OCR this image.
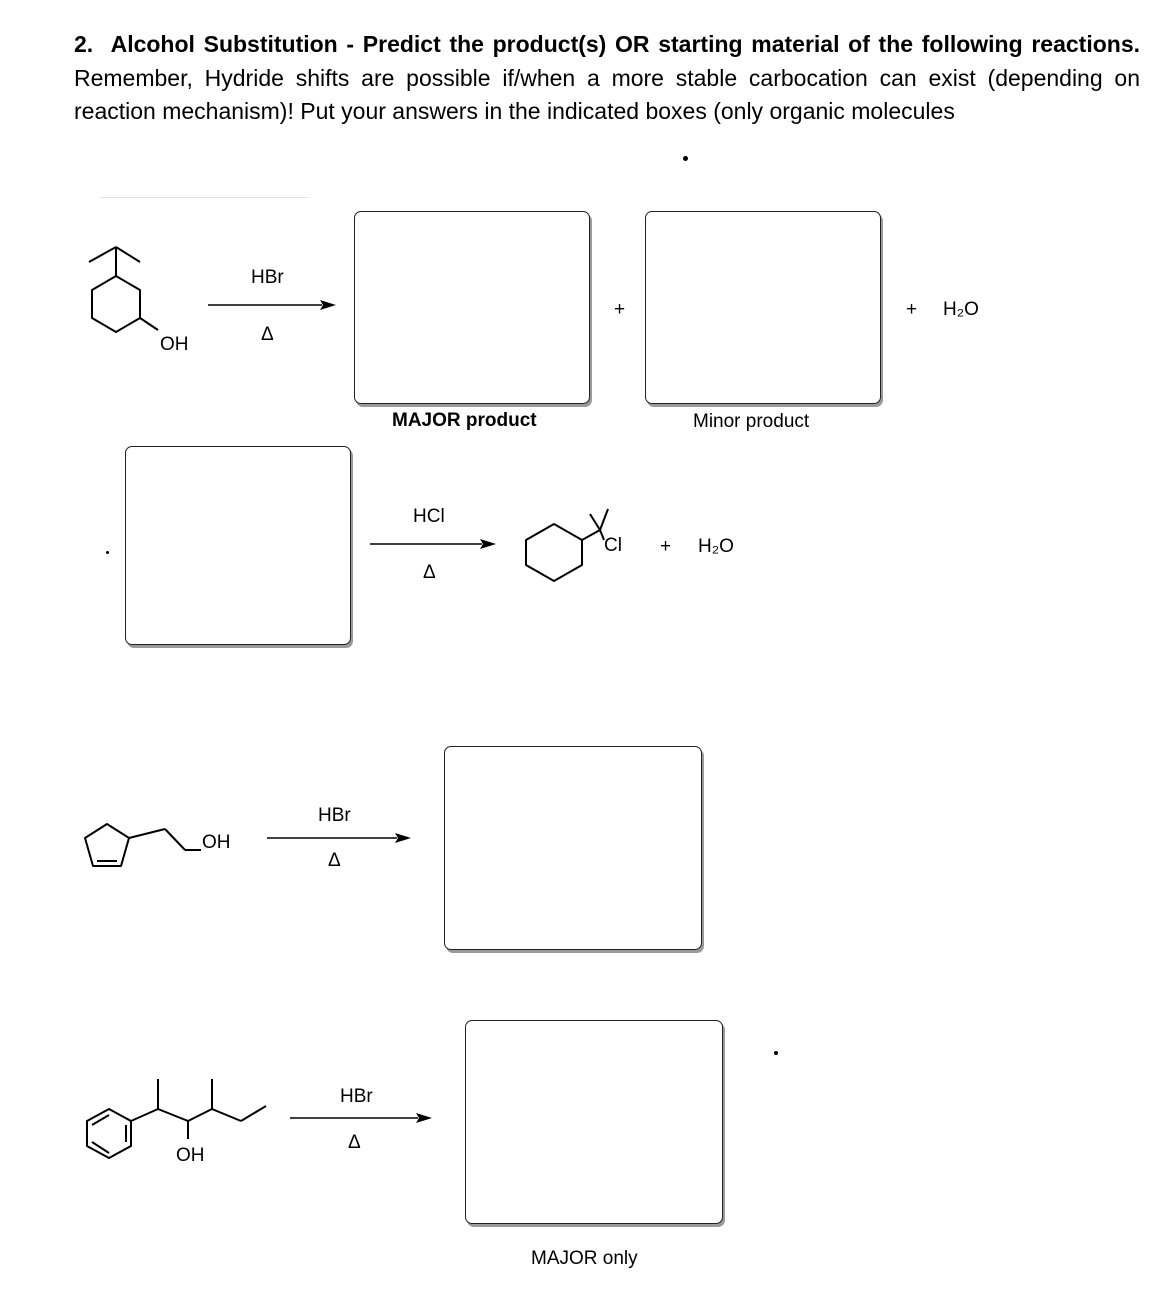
2. Alcohol Substitution - Predict the product(s) OR starting material of the following reactions. Remember, Hydride shifts are possible if/when a more stable carbocation can exist (depending on reaction mechanism)! Put your answers in the indicated boxes (only organic molecules
OH
HBr
Δ
+	+ H₂O
MAJOR product	Minor product
HCl
Δ
Cl + H₂O
OH
HBr
Δ
OH
HBr
Δ
MAJOR only
